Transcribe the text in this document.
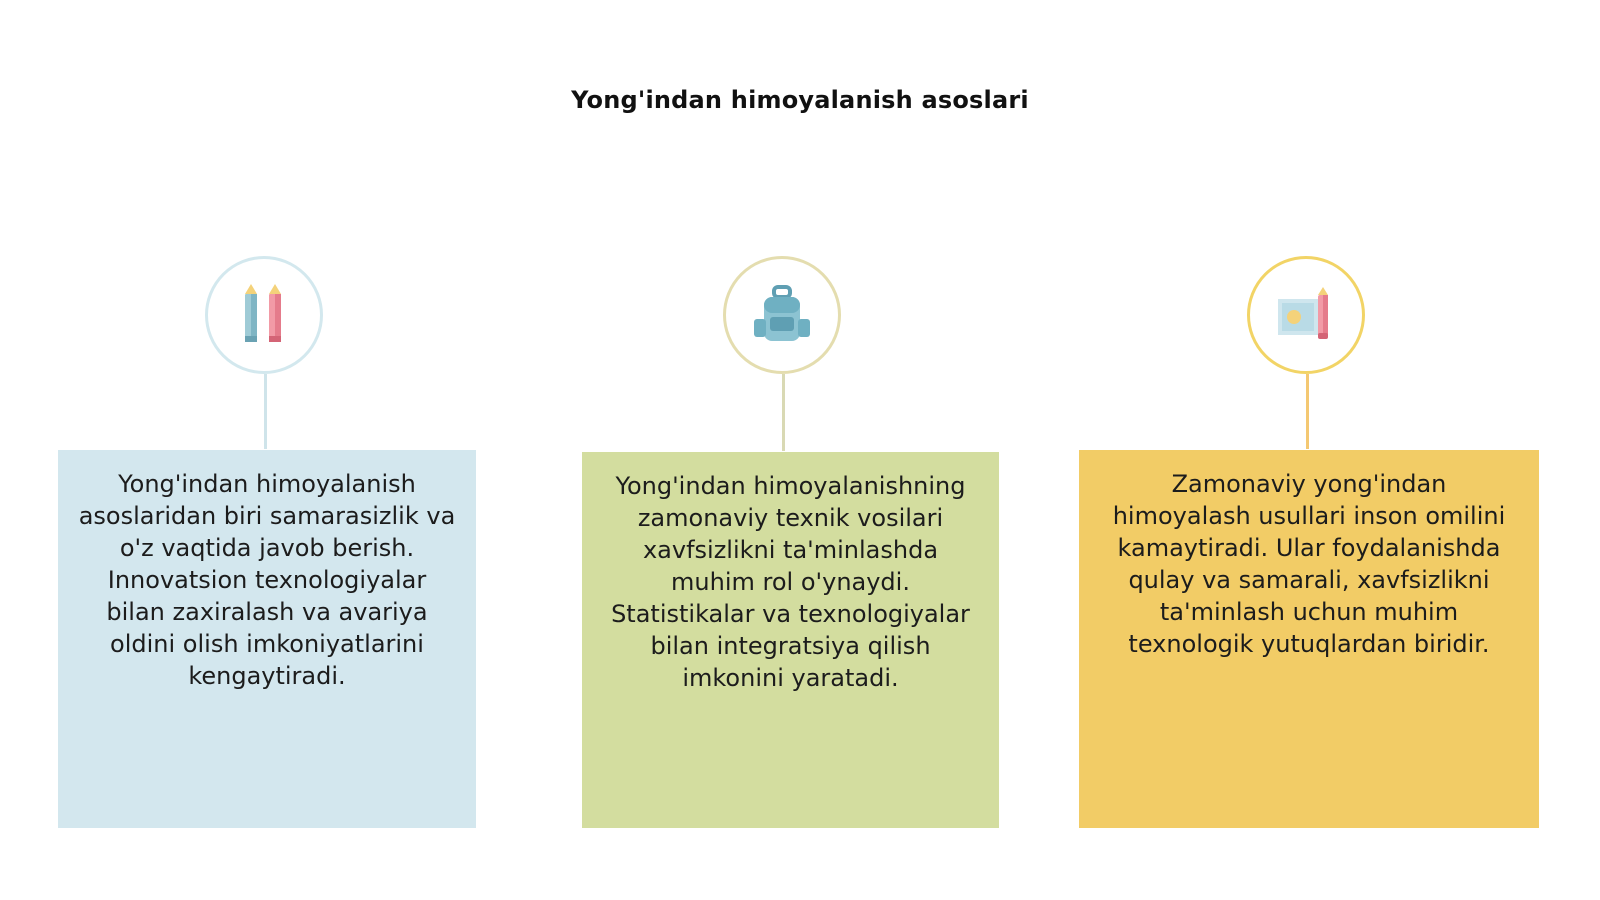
Yong'indan himoyalanish asoslari
Yong'indan himoyalanish asoslaridan biri samarasizlik va o'z vaqtida javob berish. Innovatsion texnologiyalar bilan zaxiralash va avariya oldini olish imkoniyatlarini kengaytiradi.
Yong'indan himoyalanishning zamonaviy texnik vosilari xavfsizlikni ta'minlashda muhim rol o'ynaydi. Statistikalar va texnologiyalar bilan integratsiya qilish imkonini yaratadi.
Zamonaviy yong'indan himoyalash usullari inson omilini kamaytiradi. Ular foydalanishda qulay va samarali, xavfsizlikni ta'minlash uchun muhim texnologik yutuqlardan biridir.
